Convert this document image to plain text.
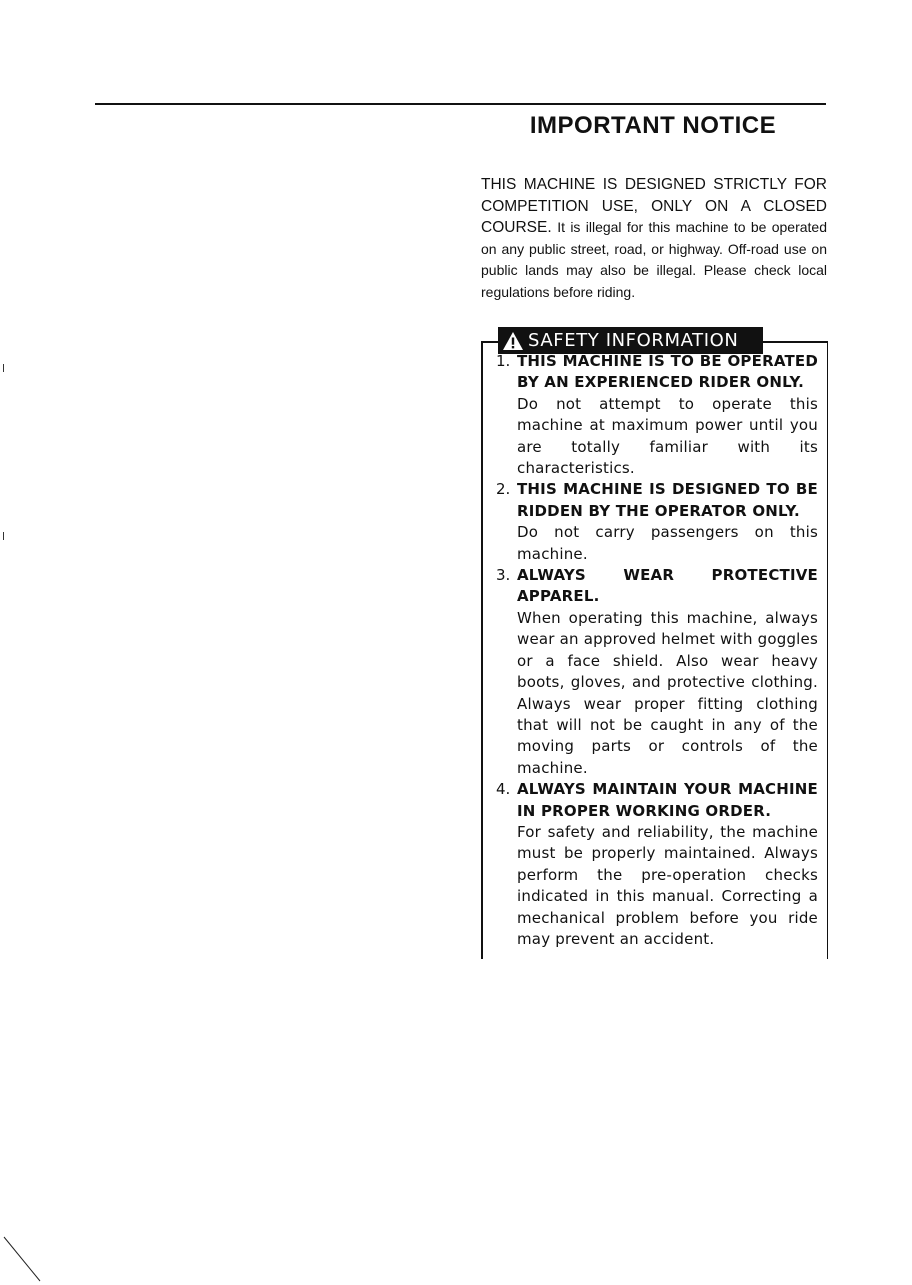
IMPORTANT NOTICE

THIS MACHINE IS DESIGNED STRICTLY FOR COMPETITION USE, ONLY ON A CLOSED COURSE. It is illegal for this machine to be operated on any public street, road, or highway. Off-road use on public lands may also be illegal. Please check local regulations before riding.

SAFETY INFORMATION
1. THIS MACHINE IS TO BE OPERATED BY AN EXPERIENCED RIDER ONLY.
Do not attempt to operate this machine at maximum power until you are totally familiar with its characteristics.
2. THIS MACHINE IS DESIGNED TO BE RIDDEN BY THE OPERATOR ONLY.
Do not carry passengers on this machine.
3. ALWAYS WEAR PROTECTIVE APPAREL.
When operating this machine, always wear an approved helmet with goggles or a face shield. Also wear heavy boots, gloves, and protective clothing. Always wear proper fitting clothing that will not be caught in any of the moving parts or controls of the machine.
4. ALWAYS MAINTAIN YOUR MACHINE IN PROPER WORKING ORDER.
For safety and reliability, the machine must be properly maintained. Always perform the pre-operation checks indicated in this manual. Correcting a mechanical problem before you ride may prevent an accident.
